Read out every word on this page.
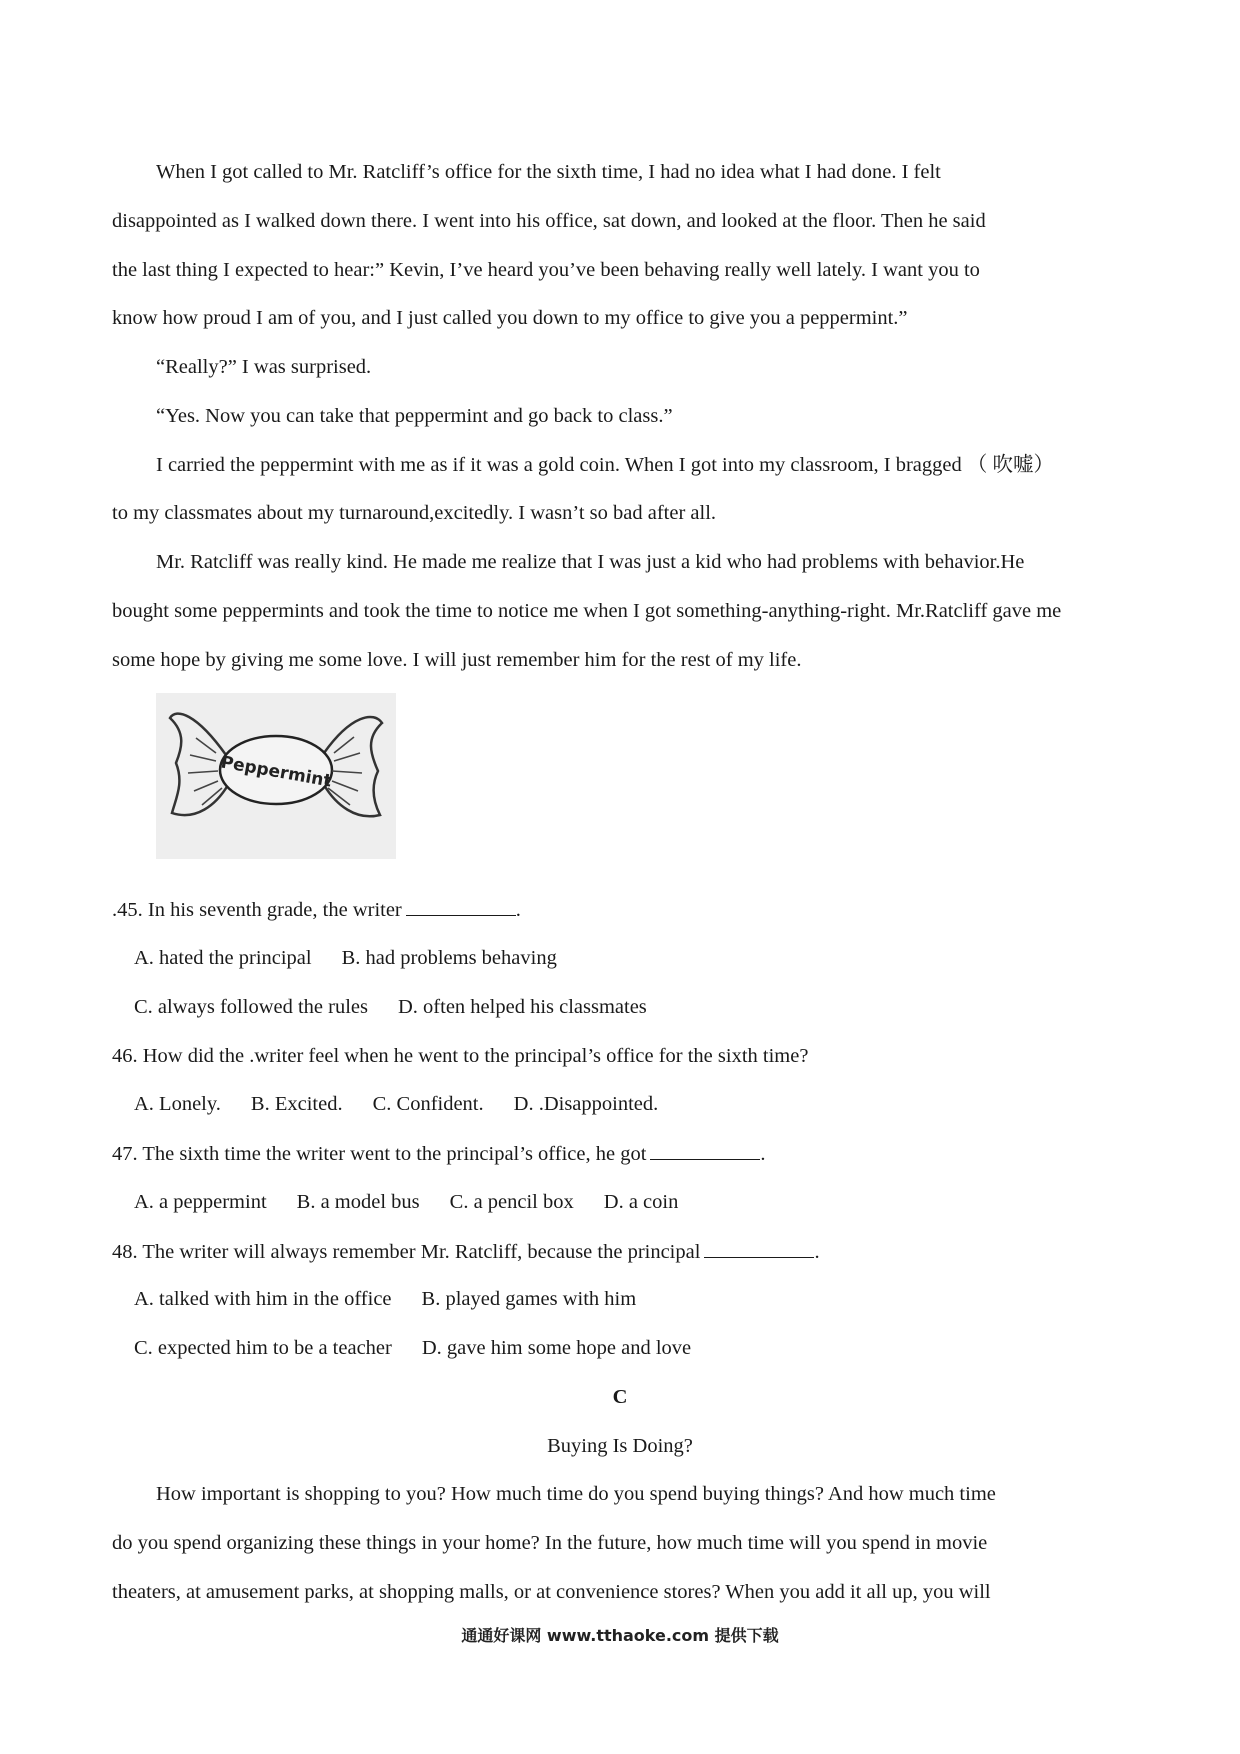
When I got called to Mr. Ratcliff’s office for the sixth time, I had no idea what I had done. I felt
disappointed as I walked down there. I went into his office, sat down, and looked at the floor. Then he said
the last thing I expected to hear:” Kevin, I’ve heard you’ve been behaving really well lately. I want you to
know how proud I am of you, and I just called you down to my office to give you a peppermint.”
“Really?” I was surprised.
“Yes. Now you can take that peppermint and go back to class.”
I carried the peppermint with me as if it was a gold coin. When I got into my classroom, I bragged （ 吹嘘）
to my classmates about my turnaround,excitedly. I wasn’t so bad after all.
Mr. Ratcliff was really kind. He made me realize that I was just a kid who had problems with behavior.He
bought some peppermints and took the time to notice me when I got something-anything-right. Mr.Ratcliff gave me
some hope by giving me some love. I will just remember him for the rest of my life.
Peppermint
.45. In his seventh grade, the writer	.
A. hated the principal B. had problems behaving
C. always followed the rules D. often helped his classmates
46. How did the .writer feel when he went to the principal’s office for the sixth time?
A. Lonely. B. Excited. C. Confident. D. .Disappointed.
47. The sixth time the writer went to the principal’s office, he got	.
A. a peppermint B. a model bus C. a pencil box D. a coin
48. The writer will always remember Mr. Ratcliff, because the principal	.
A. talked with him in the office B. played games with him
C. expected him to be a teacher D. gave him some hope and love
C
Buying Is Doing?
How important is shopping to you? How much time do you spend buying things? And how much time
do you spend organizing these things in your home? In the future, how much time will you spend in movie
theaters, at amusement parks, at shopping malls, or at convenience stores? When you add it all up, you will
通通好课网 www.tthaoke.com 提供下载
